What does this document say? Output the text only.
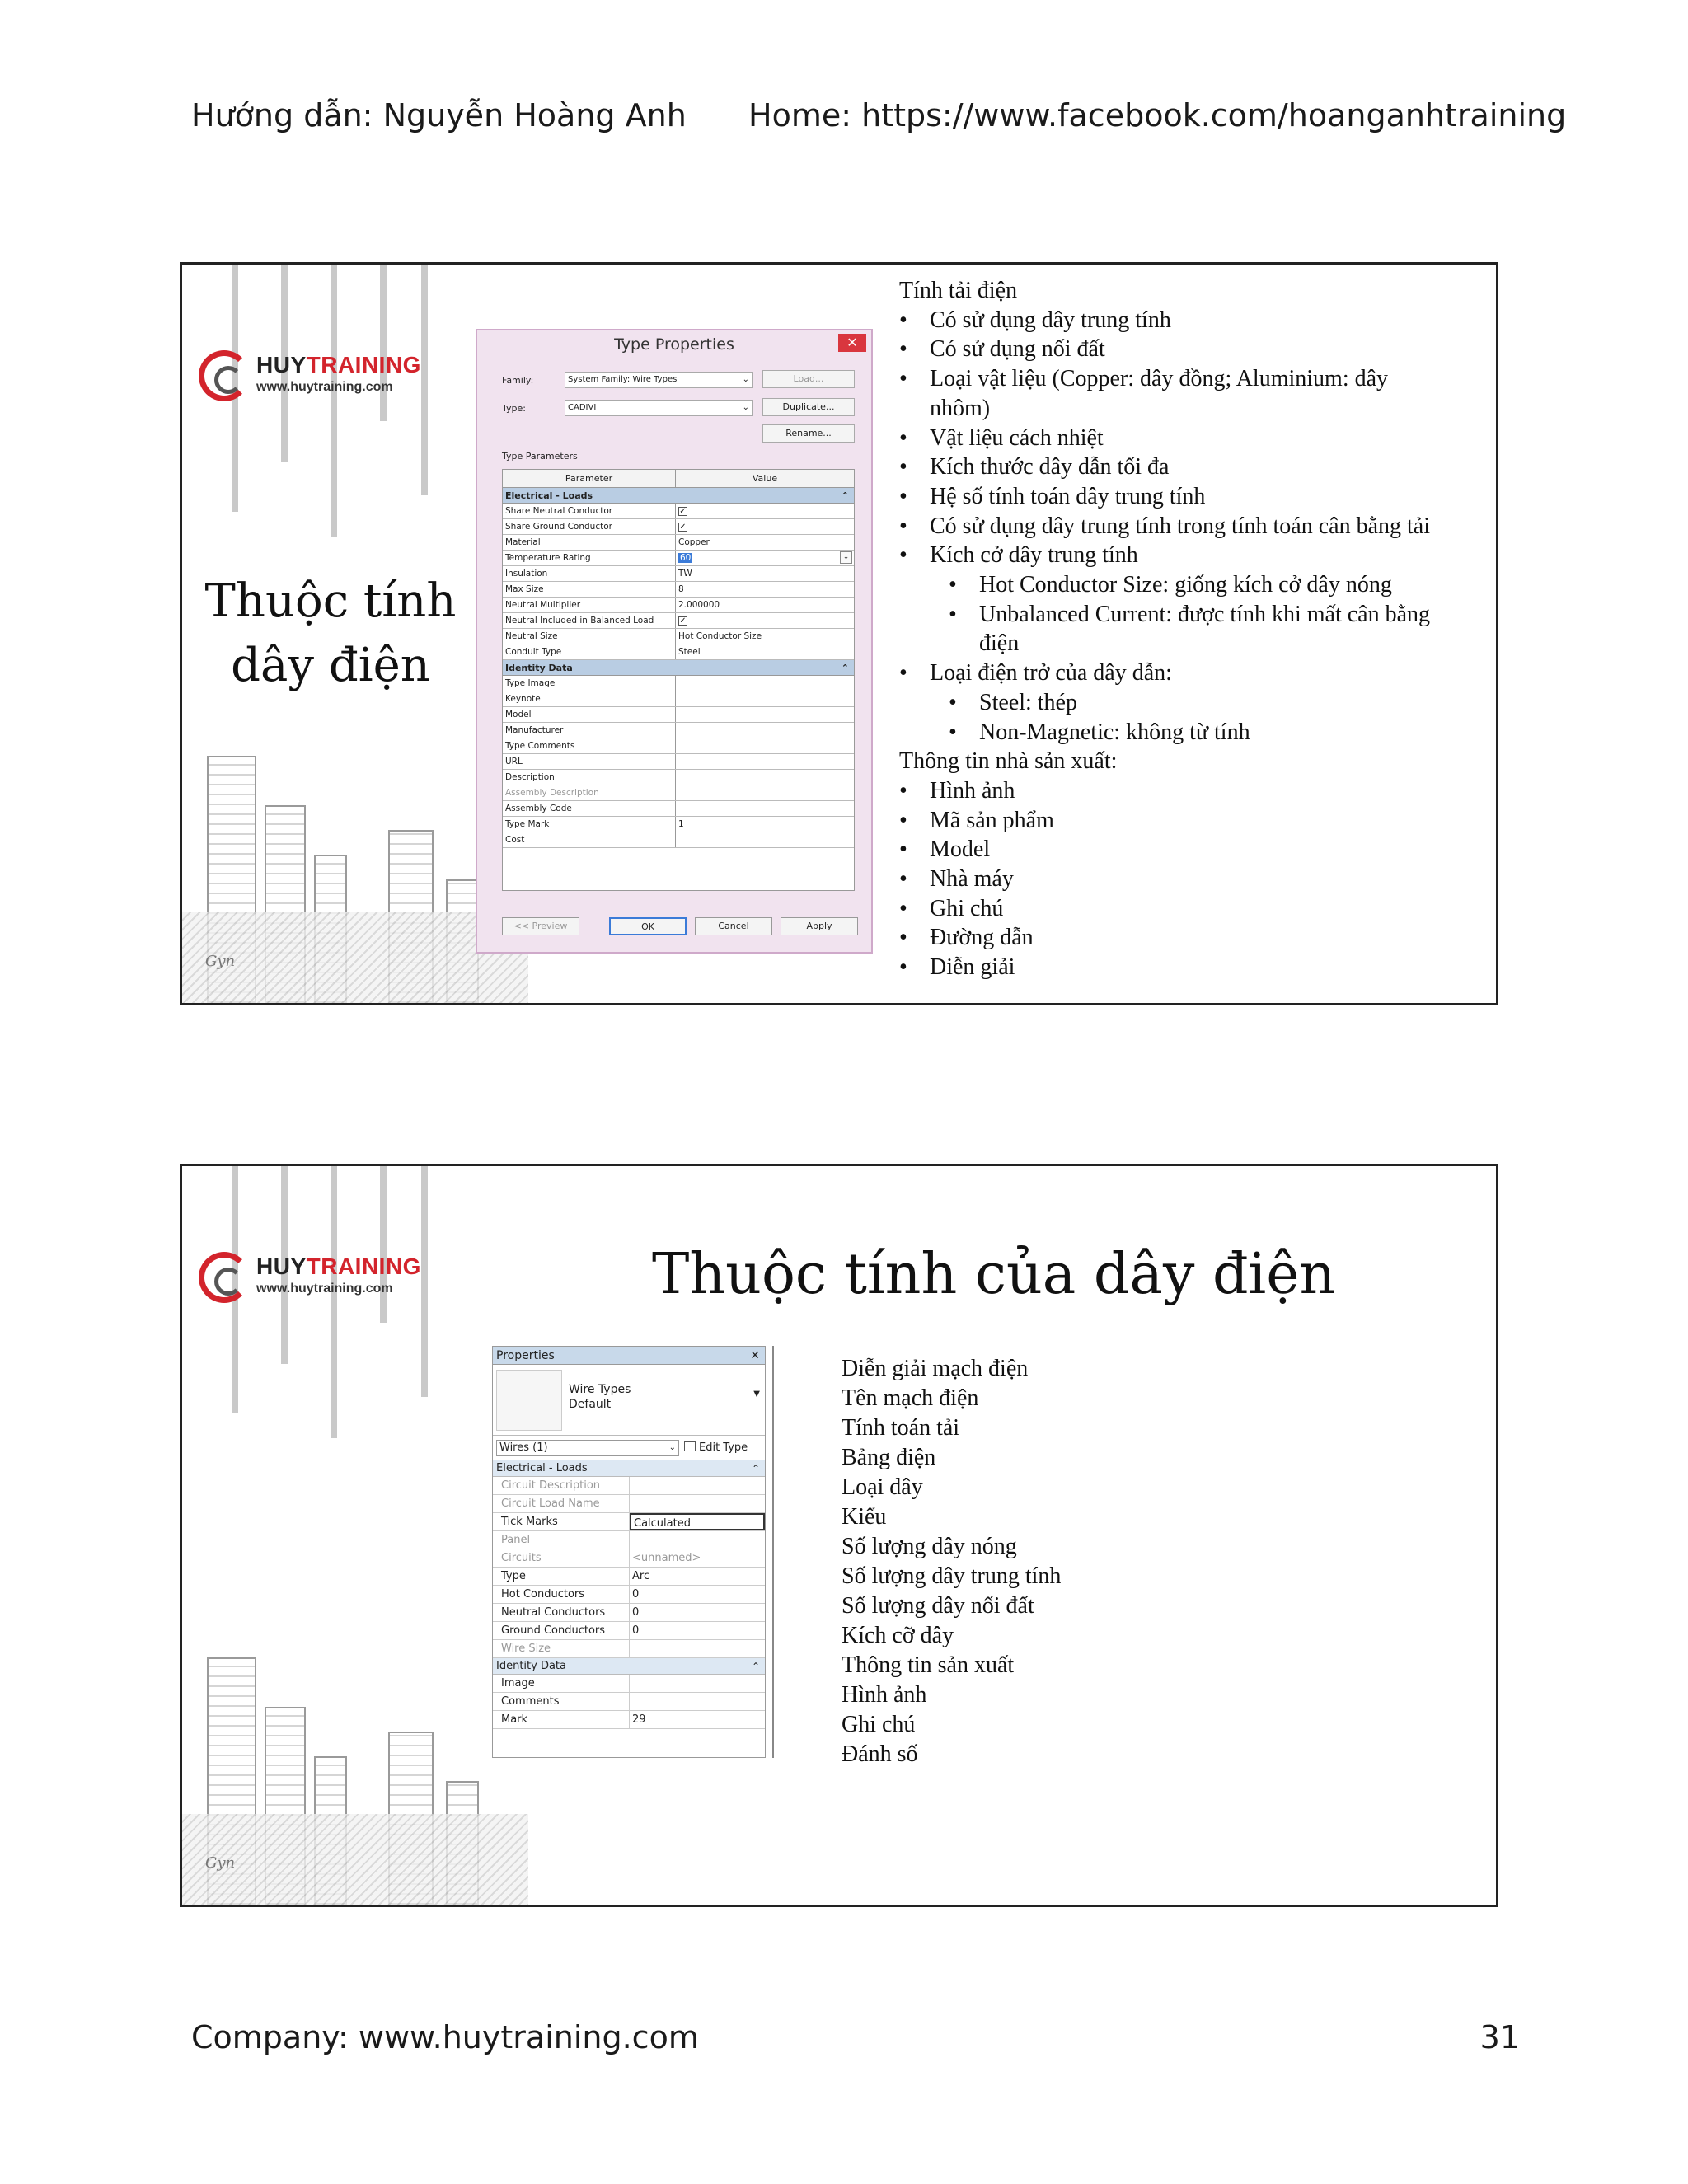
Hướng dẫn: Nguyễn Hoàng Anh Home: https://www.facebook.com/hoanganhtraining
Gyn
HUYTRAINING
www.huytraining.com
Thuộc tính
dây điện
Type Properties	✕
Family:	System Family: Wire Types	⌄	Load...
Type:	CADIVI	⌄	Duplicate...
Rename...
Type Parameters
Parameter	Value
Electrical - Loads	⌃
Share Neutral Conductor	✓
Share Ground Conductor	✓
Material	Copper
Temperature Rating	60	⌄
Insulation	TW
Max Size	8
Neutral Multiplier	2.000000
Neutral Included in Balanced Load	✓
Neutral Size	Hot Conductor Size
Conduit Type	Steel
Identity Data	⌃
Type Image
Keynote
Model
Manufacturer
Type Comments
URL
Description
Assembly Description
Assembly Code
Type Mark	1
Cost
<< Preview	OK	Cancel	Apply
Tính tải điện
• Có sử dụng dây trung tính
• Có sử dụng nối đất
• Loại vật liệu (Copper: dây đồng; Aluminium: dây
nhôm)
• Vật liệu cách nhiệt
• Kích thước dây dẫn tối đa
• Hệ số tính toán dây trung tính
• Có sử dụng dây trung tính trong tính toán cân bằng tải
• Kích cở dây trung tính
• Hot Conductor Size: giống kích cở dây nóng
• Unbalanced Current: được tính khi mất cân bằng
điện
• Loại điện trở của dây dẫn:
• Steel: thép
• Non-Magnetic: không từ tính
Thông tin nhà sản xuất:
• Hình ảnh
• Mã sản phẩm
• Model
• Nhà máy
• Ghi chú
• Đường dẫn
• Diễn giải
Gyn
HUYTRAINING
www.huytraining.com	Thuộc tính của dây điện
Properties	✕
Wire Types
Default
▼
Wires (1)	⌄	Edit Type
Electrical - Loads	⌃
Circuit Description
Circuit Load Name
Tick Marks	Calculated
Panel
Circuits	<unnamed>
Type	Arc
Hot Conductors	0
Neutral Conductors	0
Ground Conductors	0
Wire Size
Identity Data	⌃
Image
Comments
Mark	29
Diễn giải mạch điện
Tên mạch điện
Tính toán tải
Bảng điện
Loại dây
Kiểu
Số lượng dây nóng
Số lượng dây trung tính
Số lượng dây nối đất
Kích cỡ dây
Thông tin sản xuất
Hình ảnh
Ghi chú
Đánh số
Company: www.huytraining.com	31
